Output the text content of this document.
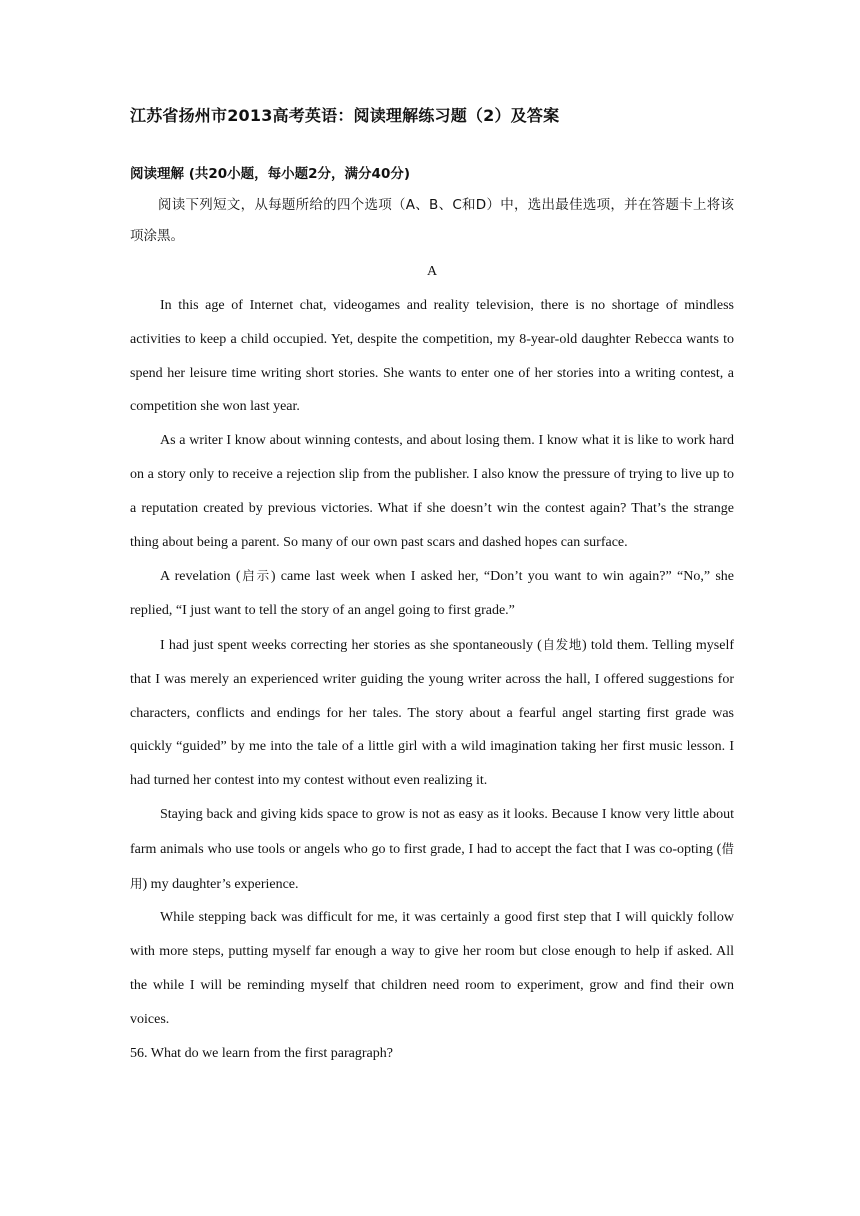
江苏省扬州市2013高考英语：阅读理解练习题（2）及答案

阅读理解 (共20小题，每小题2分，满分40分)

阅读下列短文，从每题所给的四个选项（A、B、C和D）中，选出最佳选项，并在答题卡上将该项涂黑。

A

In this age of Internet chat, videogames and reality television, there is no shortage of mindless activities to keep a child occupied. Yet, despite the competition, my 8-year-old daughter Rebecca wants to spend her leisure time writing short stories. She wants to enter one of her stories into a writing contest, a competition she won last year.

As a writer I know about winning contests, and about losing them. I know what it is like to work hard on a story only to receive a rejection slip from the publisher. I also know the pressure of trying to live up to a reputation created by previous victories. What if she doesn’t win the contest again? That’s the strange thing about being a parent. So many of our own past scars and dashed hopes can surface.

A revelation (启示) came last week when I asked her, “Don’t you want to win again?” “No,” she replied, “I just want to tell the story of an angel going to first grade.”

I had just spent weeks correcting her stories as she spontaneously (自发地) told them. Telling myself that I was merely an experienced writer guiding the young writer across the hall, I offered suggestions for characters, conflicts and endings for her tales. The story about a fearful angel starting first grade was quickly “guided” by me into the tale of a little girl with a wild imagination taking her first music lesson. I had turned her contest into my contest without even realizing it.

Staying back and giving kids space to grow is not as easy as it looks. Because I know very little about farm animals who use tools or angels who go to first grade, I had to accept the fact that I was co-opting (借用) my daughter’s experience.

While stepping back was difficult for me, it was certainly a good first step that I will quickly follow with more steps, putting myself far enough a way to give her room but close enough to help if asked. All the while I will be reminding myself that children need room to experiment, grow and find their own voices.

56. What do we learn from the first paragraph?
